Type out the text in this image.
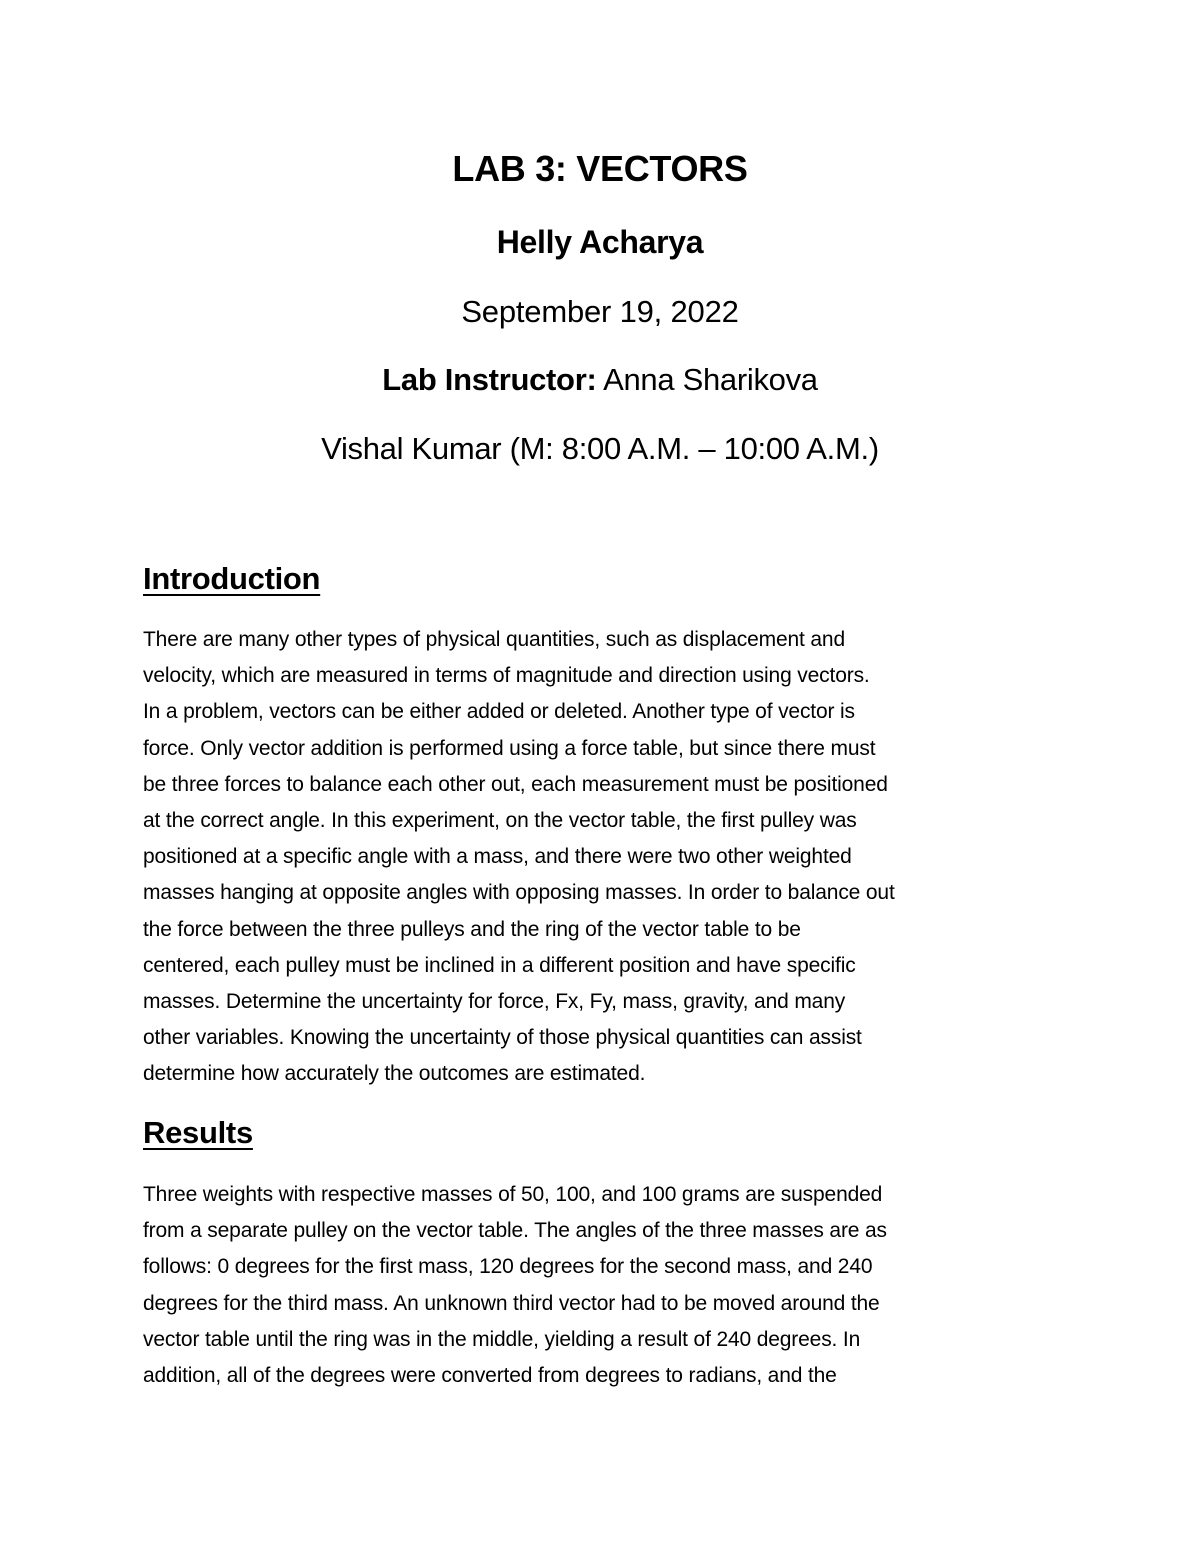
LAB 3: VECTORS
Helly Acharya
September 19, 2022
Lab Instructor: Anna Sharikova
Vishal Kumar (M: 8:00 A.M. – 10:00 A.M.)
Introduction
There are many other types of physical quantities, such as displacement and
velocity, which are measured in terms of magnitude and direction using vectors.
In a problem, vectors can be either added or deleted. Another type of vector is
force. Only vector addition is performed using a force table, but since there must
be three forces to balance each other out, each measurement must be positioned
at the correct angle. In this experiment, on the vector table, the first pulley was
positioned at a specific angle with a mass, and there were two other weighted
masses hanging at opposite angles with opposing masses. In order to balance out
the force between the three pulleys and the ring of the vector table to be
centered, each pulley must be inclined in a different position and have specific
masses. Determine the uncertainty for force, Fx, Fy, mass, gravity, and many
other variables. Knowing the uncertainty of those physical quantities can assist
determine how accurately the outcomes are estimated.
Results
Three weights with respective masses of 50, 100, and 100 grams are suspended
from a separate pulley on the vector table. The angles of the three masses are as
follows: 0 degrees for the first mass, 120 degrees for the second mass, and 240
degrees for the third mass. An unknown third vector had to be moved around the
vector table until the ring was in the middle, yielding a result of 240 degrees. In
addition, all of the degrees were converted from degrees to radians, and the
